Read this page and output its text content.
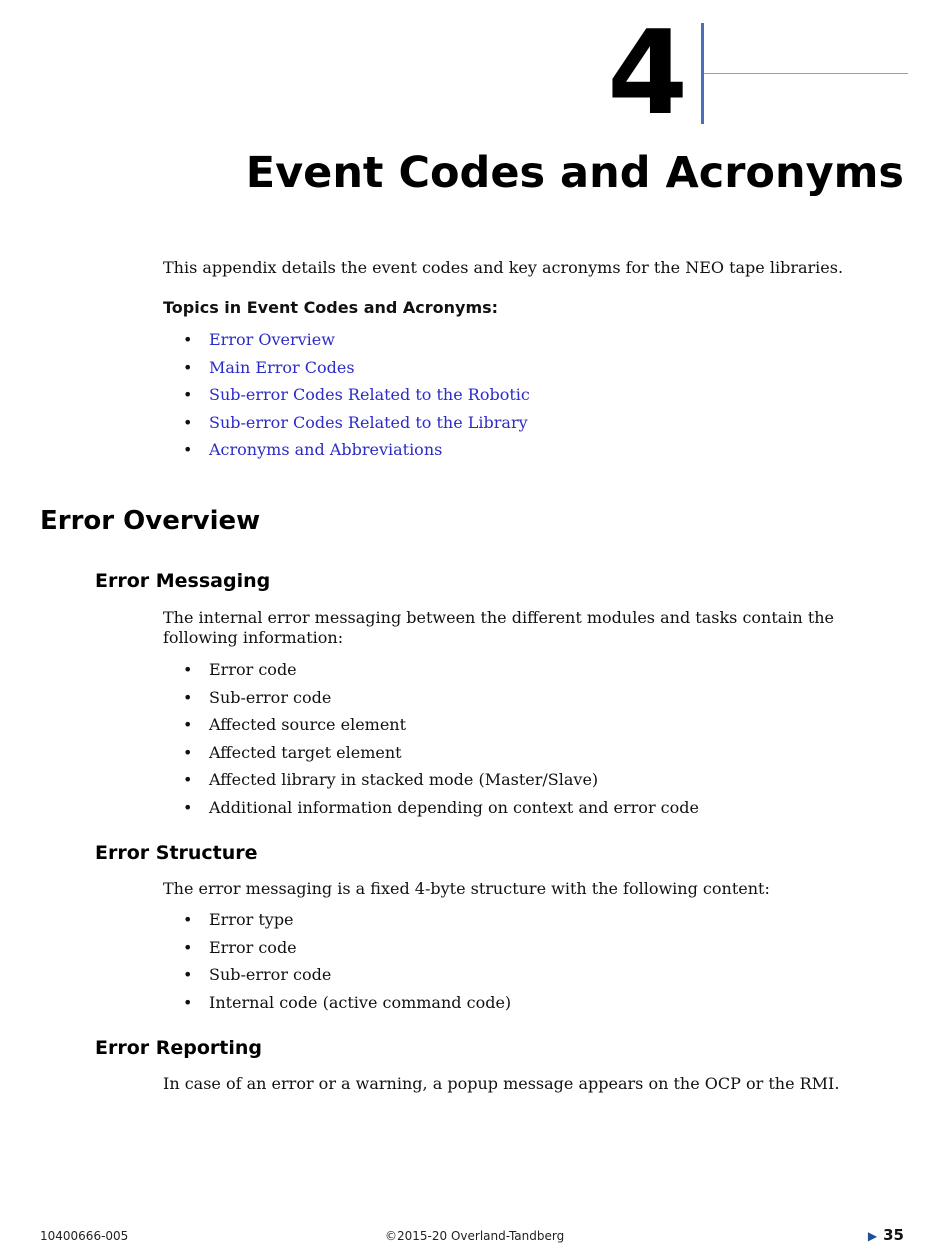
4
Event Codes and Acronyms
This appendix details the event codes and key acronyms for the NEO tape libraries.
Topics in Event Codes and Acronyms:
• Error Overview
• Main Error Codes
• Sub-error Codes Related to the Robotic
• Sub-error Codes Related to the Library
• Acronyms and Abbreviations
Error Overview
Error Messaging
The internal error messaging between the different modules and tasks contain the following information:
• Error code
• Sub-error code
• Affected source element
• Affected target element
• Affected library in stacked mode (Master/Slave)
• Additional information depending on context and error code
Error Structure
The error messaging is a fixed 4-byte structure with the following content:
• Error type
• Error code
• Sub-error code
• Internal code (active command code)
Error Reporting
In case of an error or a warning, a popup message appears on the OCP or the RMI.
10400666-005	©2015-20 Overland-Tandberg	▶ 35
